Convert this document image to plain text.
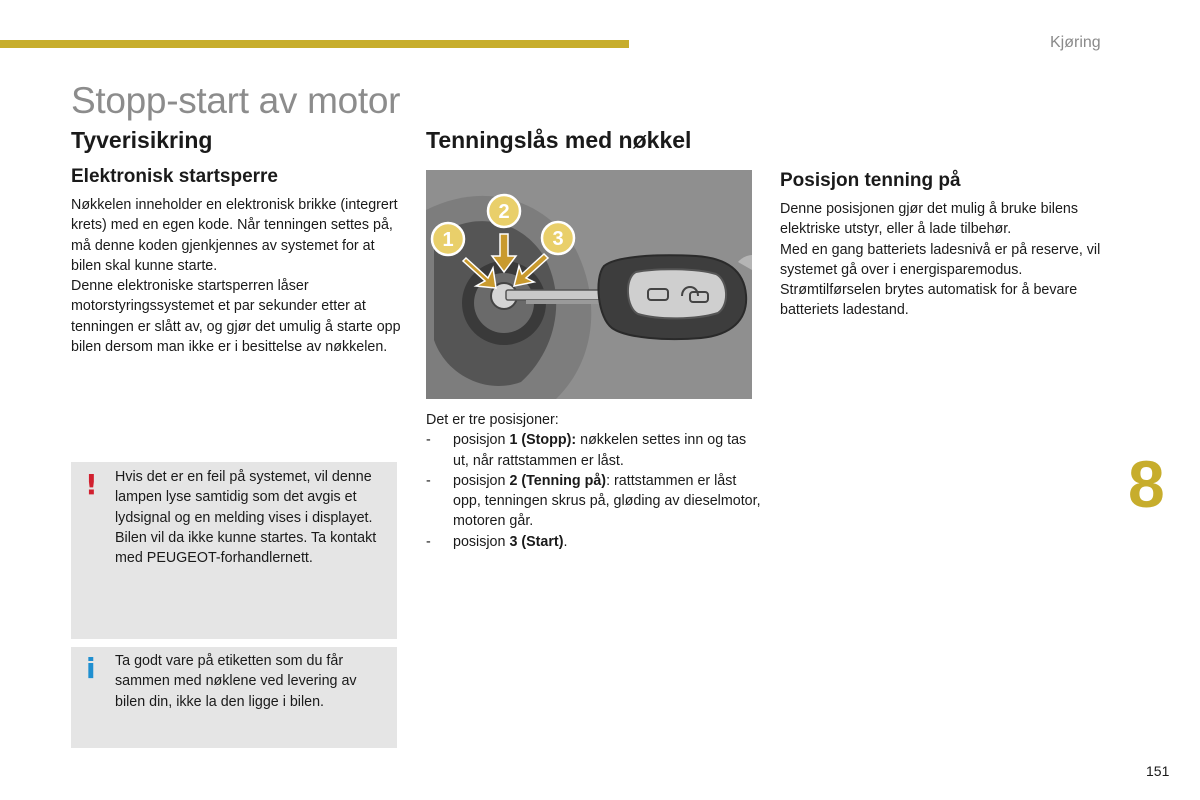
Kjøring
Stopp-start av motor
Tyverisikring
Elektronisk startsperre

Nøkkelen inneholder en elektronisk brikke (integrert krets) med en egen kode. Når tenningen settes på, må denne koden gjenkjennes av systemet for at bilen skal kunne starte.

Denne elektroniske startsperren låser motorstyringssystemet et par sekunder etter at tenningen er slått av, og gjør det umulig å starte opp bilen dersom man ikke er i besittelse av nøkkelen.

! Hvis det er en feil på systemet, vil denne lampen lyse samtidig som det avgis et lydsignal og en melding vises i displayet.

Bilen vil da ikke kunne startes. Ta kontakt med PEUGEOT-forhandlernett.

i Ta godt vare på etiketten som du får sammen med nøklene ved levering av bilen din, ikke la den ligge i bilen.

Tenningslås med nøkkel
1
2
3
Det er tre posisjoner:
- posisjon 1 (Stopp): nøkkelen settes inn og tas ut, når rattstammen er låst.
- posisjon 2 (Tenning på): rattstammen er låst opp, tenningen skrus på, gløding av dieselmotor, motoren går.
- posisjon 3 (Start).
Posisjon tenning på

Denne posisjonen gjør det mulig å bruke bilens elektriske utstyr, eller å lade tilbehør.

Med en gang batteriets ladesnivå er på reserve, vil systemet gå over i energisparemodus. Strømtilførselen brytes automatisk for å bevare batteriets ladestand.

8
151
